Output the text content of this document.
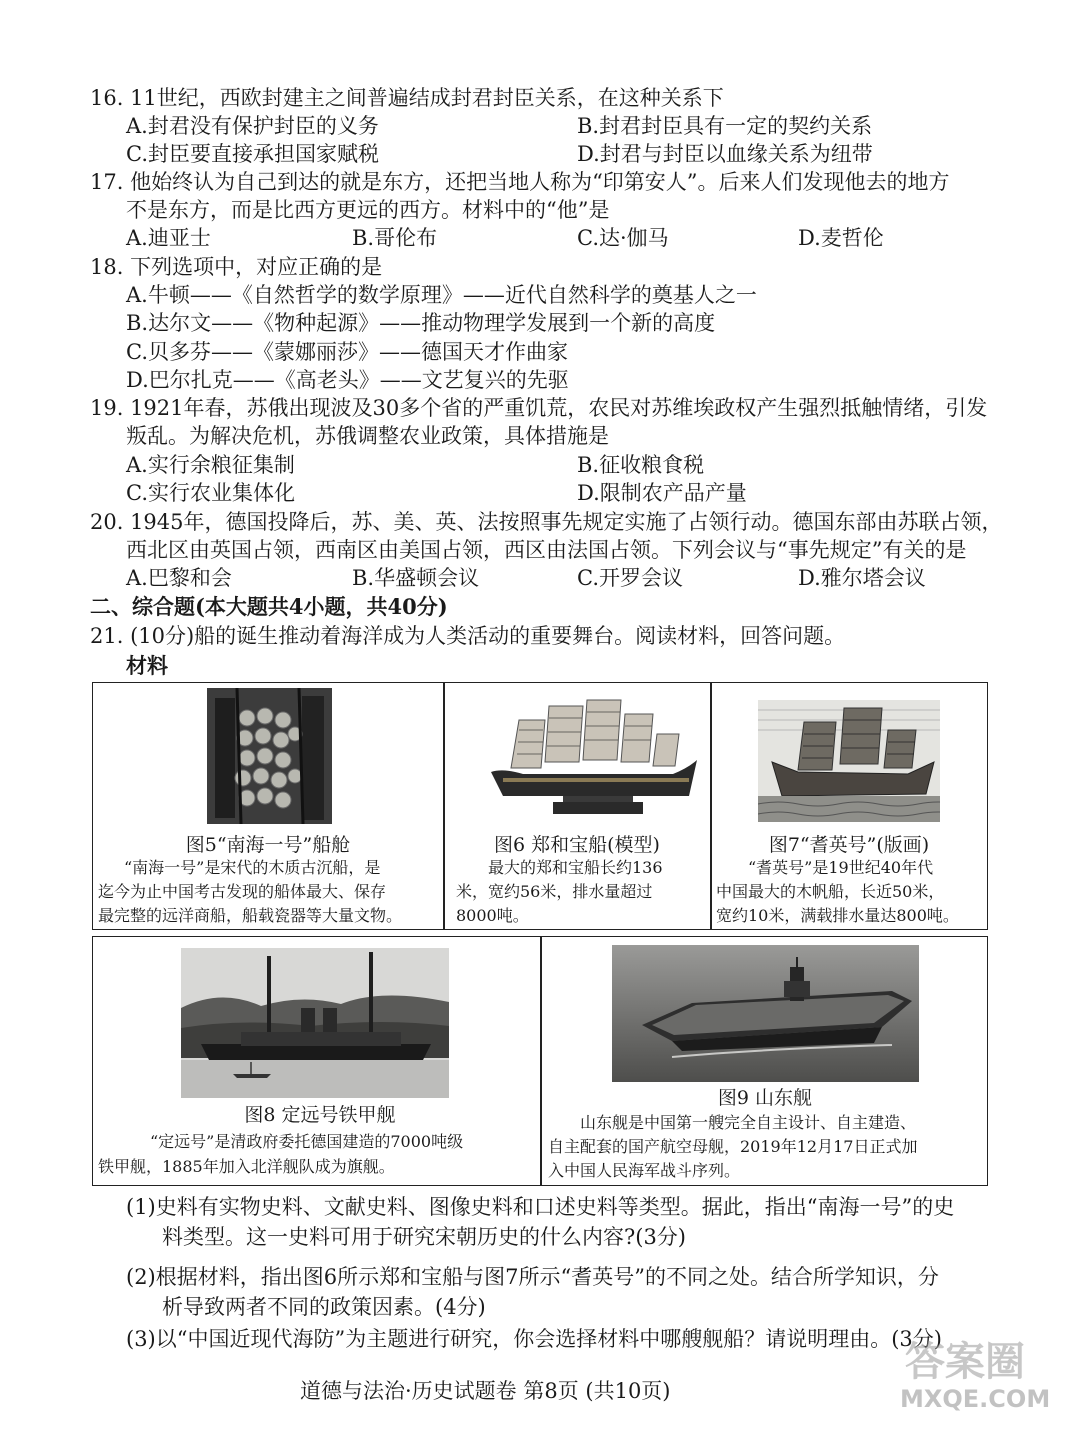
16. 11世纪，西欧封建主之间普遍结成封君封臣关系，在这种关系下
A.封君没有保护封臣的义务	B.封君封臣具有一定的契约关系
C.封臣要直接承担国家赋税	D.封君与封臣以血缘关系为纽带
17. 他始终认为自己到达的就是东方，还把当地人称为“印第安人”。后来人们发现他去的地方
不是东方，而是比西方更远的西方。材料中的“他”是
A.迪亚士	B.哥伦布	C.达·伽马	D.麦哲伦
18. 下列选项中，对应正确的是
A.牛顿——《自然哲学的数学原理》——近代自然科学的奠基人之一
B.达尔文——《物种起源》——推动物理学发展到一个新的高度
C.贝多芬——《蒙娜丽莎》——德国天才作曲家
D.巴尔扎克——《高老头》——文艺复兴的先驱
19. 1921年春，苏俄出现波及30多个省的严重饥荒，农民对苏维埃政权产生强烈抵触情绪，引发
叛乱。为解决危机，苏俄调整农业政策，具体措施是
A.实行余粮征集制	B.征收粮食税
C.实行农业集体化	D.限制农产品产量
20. 1945年，德国投降后，苏、美、英、法按照事先规定实施了占领行动。德国东部由苏联占领，
西北区由英国占领，西南区由美国占领，西区由法国占领。下列会议与“事先规定”有关的是
A.巴黎和会	B.华盛顿会议	C.开罗会议	D.雅尔塔会议
二、综合题(本大题共4小题，共40分)
21. (10分)船的诞生推动着海洋成为人类活动的重要舞台。阅读材料，回答问题。
材料
图5“南海一号”船舱	图6 郑和宝船(模型)	图7“耆英号”(版画)
“南海一号”是宋代的木质古沉船，是
迄今为止中国考古发现的船体最大、保存
最完整的远洋商船，船载瓷器等大量文物。
最大的郑和宝船长约136
米，宽约56米，排水量超过
8000吨。
“耆英号”是19世纪40年代
中国最大的木帆船，长近50米，
宽约10米，满载排水量达800吨。
图8 定远号铁甲舰
图9 山东舰
“定远号”是清政府委托德国建造的7000吨级
铁甲舰，1885年加入北洋舰队成为旗舰。
山东舰是中国第一艘完全自主设计、自主建造、
自主配套的国产航空母舰，2019年12月17日正式加
入中国人民海军战斗序列。
(1)史料有实物史料、文献史料、图像史料和口述史料等类型。据此，指出“南海一号”的史
料类型。这一史料可用于研究宋朝历史的什么内容?(3分)
(2)根据材料，指出图6所示郑和宝船与图7所示“耆英号”的不同之处。结合所学知识，分
析导致两者不同的政策因素。(4分)
(3)以“中国近现代海防”为主题进行研究，你会选择材料中哪艘舰船？请说明理由。(3分)
道德与法治·历史试题卷 第8页 (共10页)
答案圈
MXQE.COM
